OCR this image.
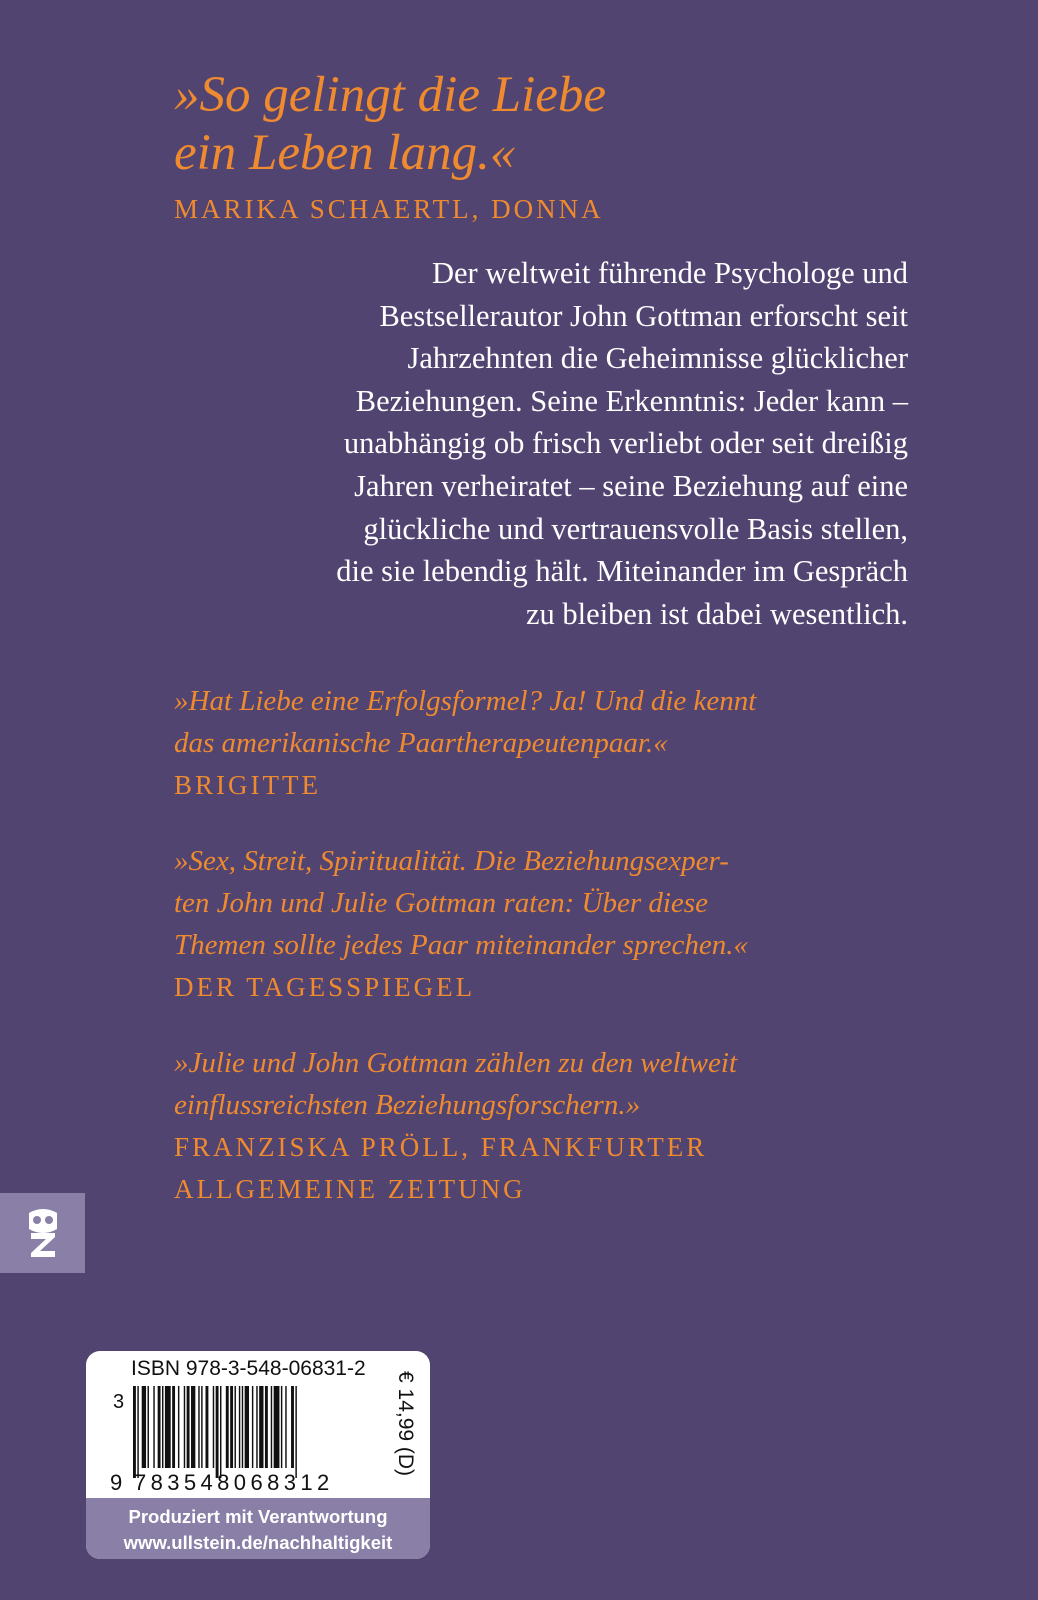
»So gelingt die Liebe
ein Leben lang.«
MARIKA SCHAERTL, DONNA

Der weltweit führende Psychologe und
Bestsellerautor John Gottman erforscht seit
Jahrzehnten die Geheimnisse glücklicher
Beziehungen. Seine Erkenntnis: Jeder kann –
unabhängig ob frisch verliebt oder seit dreißig
Jahren verheiratet – seine Beziehung auf eine
glückliche und vertrauensvolle Basis stellen,
die sie lebendig hält. Miteinander im Gespräch
zu bleiben ist dabei wesentlich.

»Hat Liebe eine Erfolgsformel? Ja! Und die kennt
das amerikanische Paartherapeutenpaar.«
BRIGITTE
»Sex, Streit, Spiritualität. Die Beziehungsexper-
ten John und Julie Gottman raten: Über diese
Themen sollte jedes Paar miteinander sprechen.«
DER TAGESSPIEGEL
»Julie und John Gottman zählen zu den weltweit
einflussreichsten Beziehungsforschern.»
FRANZISKA PRÖLL, FRANKFURTER
ALLGEMEINE ZEITUNG
ISBN 978-3-548-06831-2
3
9 783548068312
€ 14,99 (D)
Produziert mit Verantwortung
www.ullstein.de/nachhaltigkeit
